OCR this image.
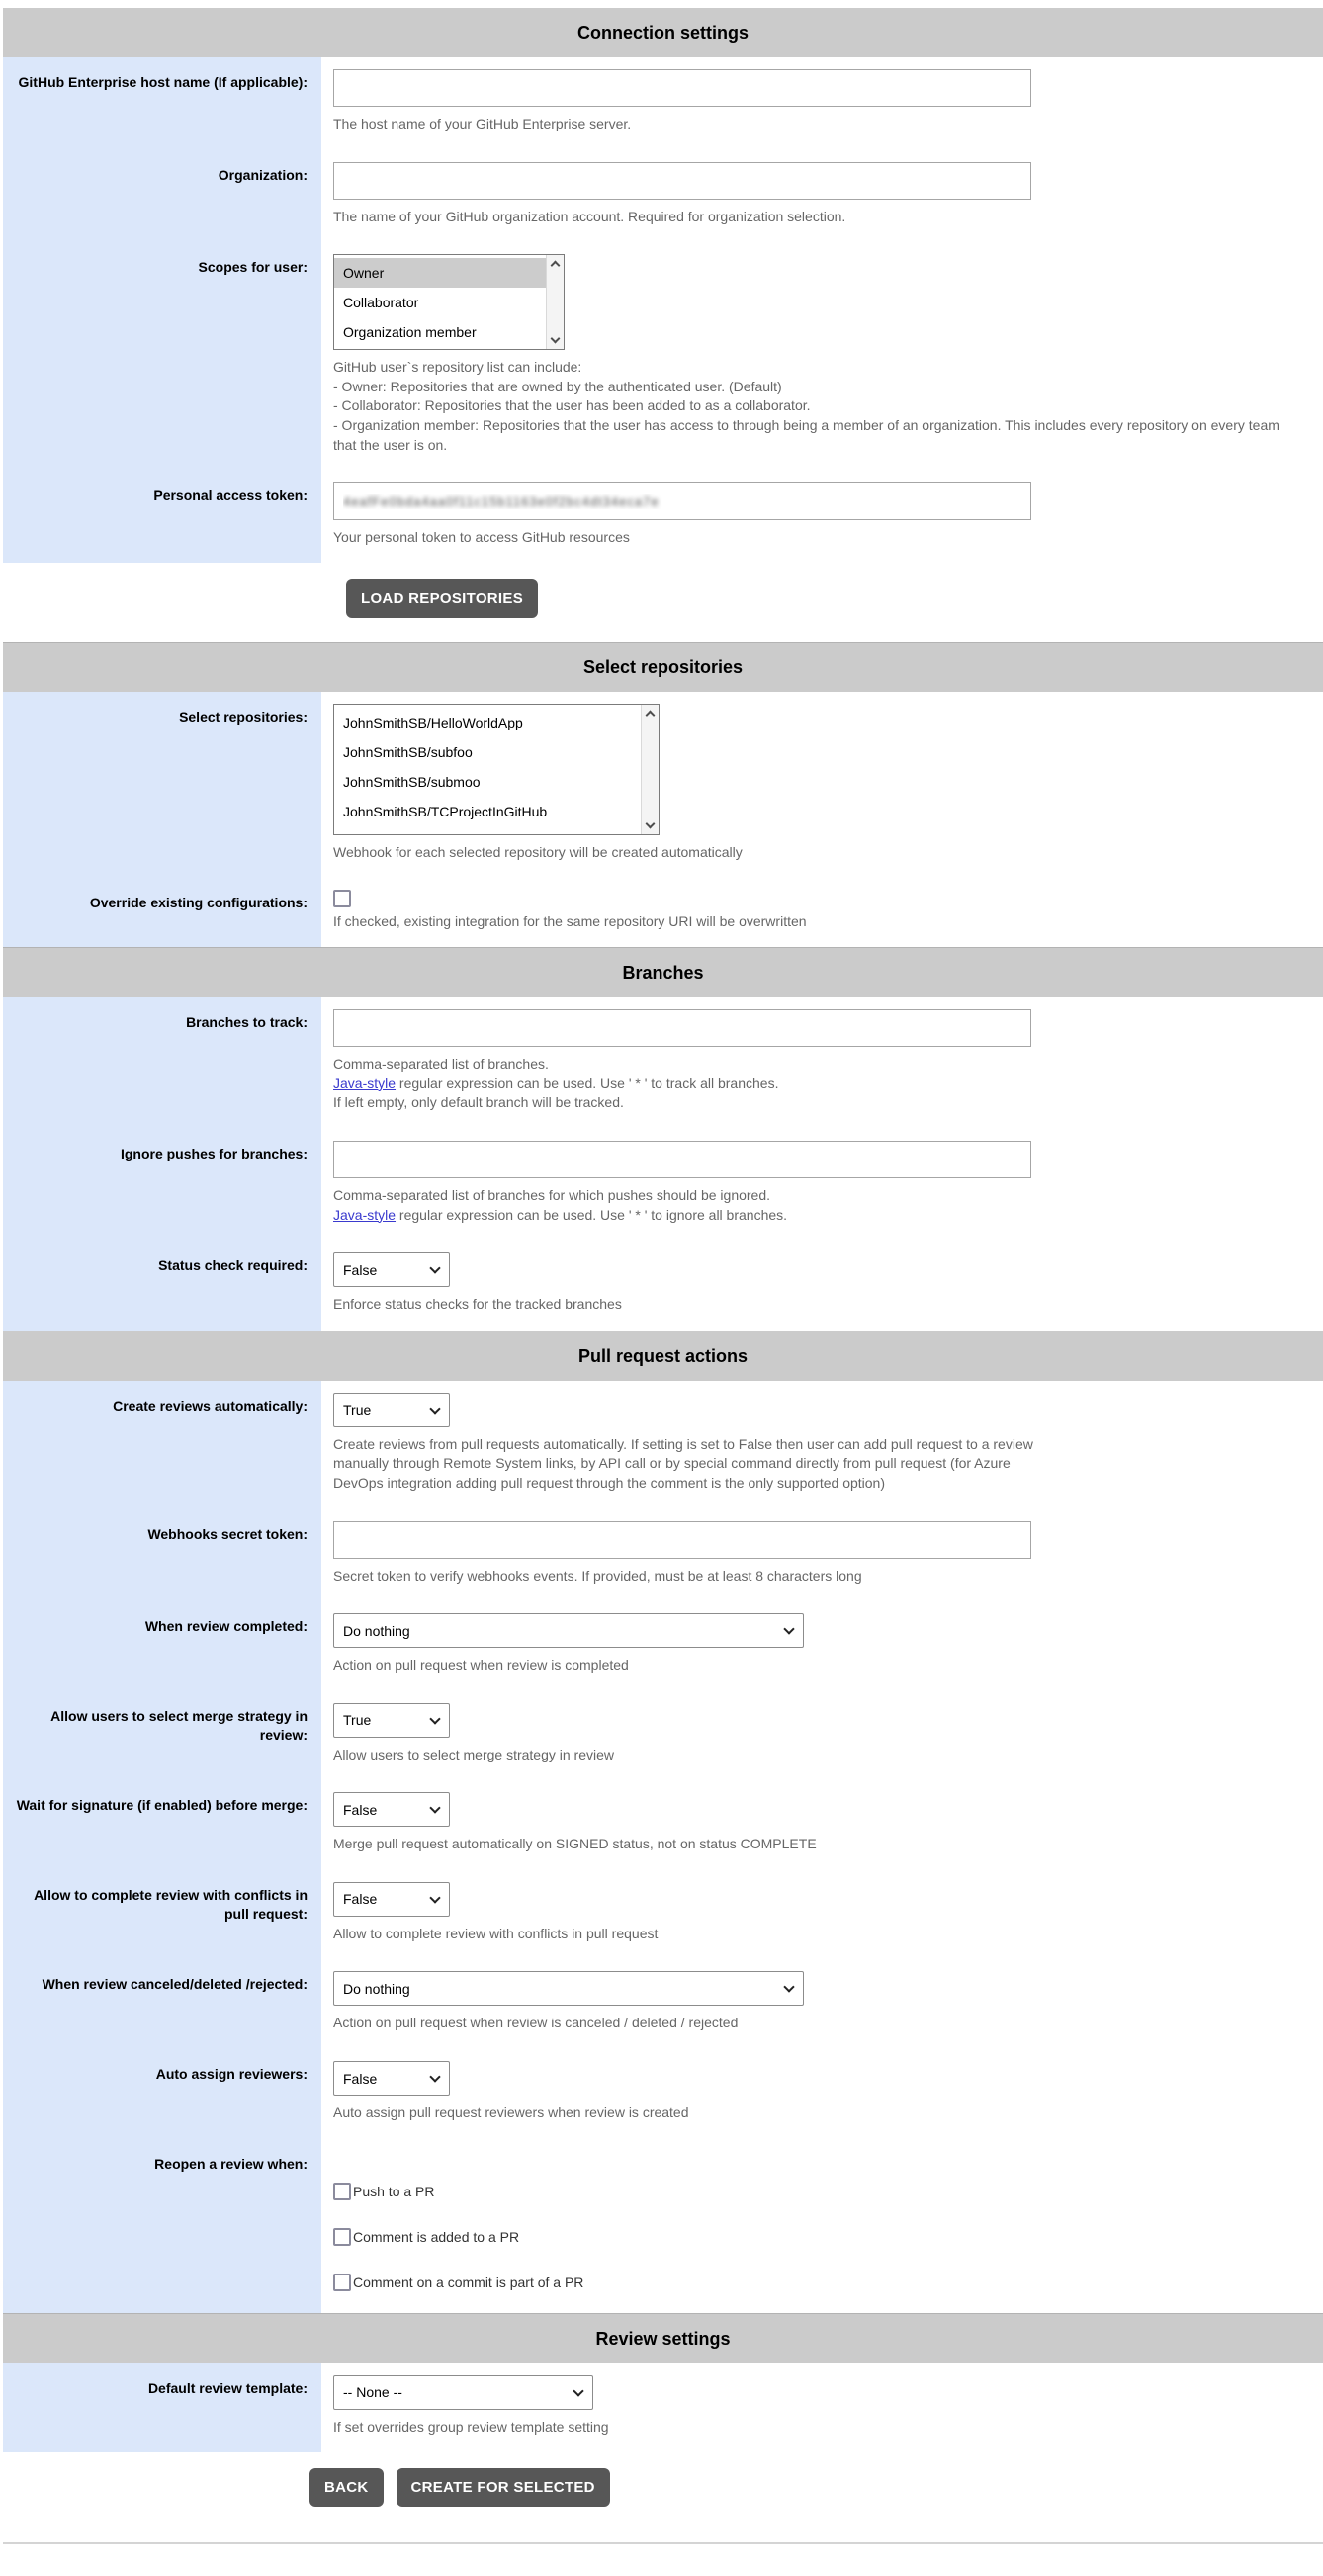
Connection settings
GitHub Enterprise host name (If applicable):
The host name of your GitHub Enterprise server.
Organization:
The name of your GitHub organization account. Required for organization selection.
Scopes for user:	Owner
Collaborator
Organization member
GitHub user`s repository list can include:
- Owner: Repositories that are owned by the authenticated user. (Default)
- Collaborator: Repositories that the user has been added to as a collaborator.
- Organization member: Repositories that the user has access to through being a member of an organization. This includes every repository on every team that the user is on.
Personal access token:
4eafFe0bda4aa0f11c15b1163e0f2bc4dt34eca7e
Your personal token to access GitHub resources
LOAD REPOSITORIES
Select repositories
Select repositories:	JohnSmithSB/HelloWorldApp
JohnSmithSB/subfoo
JohnSmithSB/submoo
JohnSmithSB/TCProjectInGitHub
Webhook for each selected repository will be created automatically
Override existing configurations:
If checked, existing integration for the same repository URI will be overwritten
Branches
Branches to track:
Comma-separated list of branches.
Java-style regular expression can be used. Use ' * ' to track all branches.
If left empty, only default branch will be tracked.
Ignore pushes for branches:
Comma-separated list of branches for which pushes should be ignored.
Java-style regular expression can be used. Use ' * ' to ignore all branches.
Status check required:
False
Enforce status checks for the tracked branches
Pull request actions
Create reviews automatically:
True
Create reviews from pull requests automatically. If setting is set to False then user can add pull request to a review manually through Remote System links, by API call or by special command directly from pull request (for Azure DevOps integration adding pull request through the comment is the only supported option)
Webhooks secret token:
Secret token to verify webhooks events. If provided, must be at least 8 characters long
When review completed:
Do nothing
Action on pull request when review is completed
Allow users to select merge strategy in review:
True
Allow users to select merge strategy in review
Wait for signature (if enabled) before merge:
False
Merge pull request automatically on SIGNED status, not on status COMPLETE
Allow to complete review with conflicts in pull request:
False
Allow to complete review with conflicts in pull request
When review canceled/deleted /rejected:
Do nothing
Action on pull request when review is canceled / deleted / rejected
Auto assign reviewers:
False
Auto assign pull request reviewers when review is created
Reopen a review when:
Push to a PR
Comment is added to a PR
Comment on a commit is part of a PR
Review settings
Default review template:
-- None --
If set overrides group review template setting
BACK	CREATE FOR SELECTED
